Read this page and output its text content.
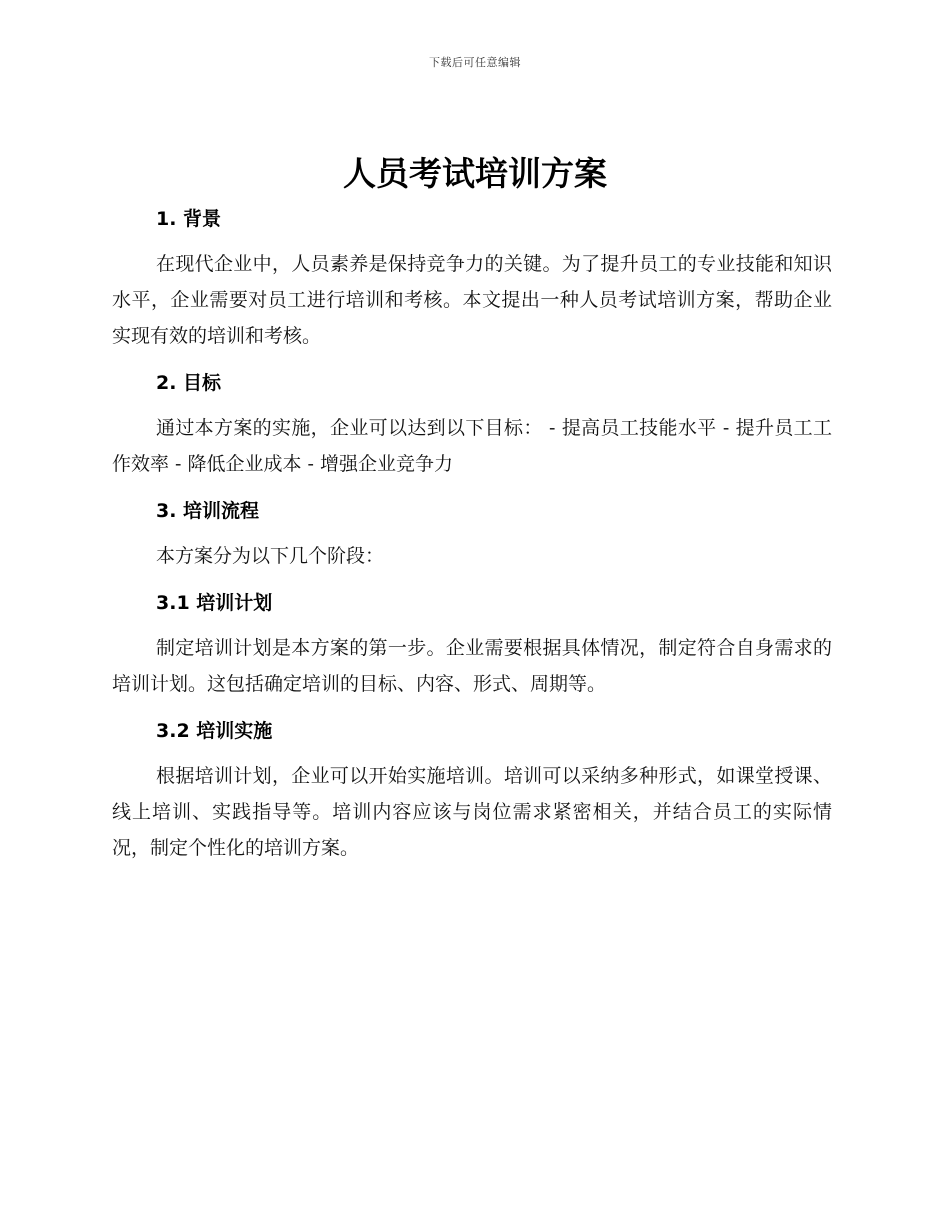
下载后可任意编辑
人员考试培训方案
1. 背景

在现代企业中，人员素养是保持竞争力的关键。为了提升员工的专业技能和知识水平，企业需要对员工进行培训和考核。本文提出一种人员考试培训方案，帮助企业实现有效的培训和考核。

2. 目标

通过本方案的实施，企业可以达到以下目标： - 提高员工技能水平 - 提升员工工作效率 - 降低企业成本 - 增强企业竞争力

3. 培训流程

本方案分为以下几个阶段：

3.1 培训计划

制定培训计划是本方案的第一步。企业需要根据具体情况，制定符合自身需求的培训计划。这包括确定培训的目标、内容、形式、周期等。

3.2 培训实施

根据培训计划，企业可以开始实施培训。培训可以采纳多种形式，如课堂授课、线上培训、实践指导等。培训内容应该与岗位需求紧密相关，并结合员工的实际情况，制定个性化的培训方案。
